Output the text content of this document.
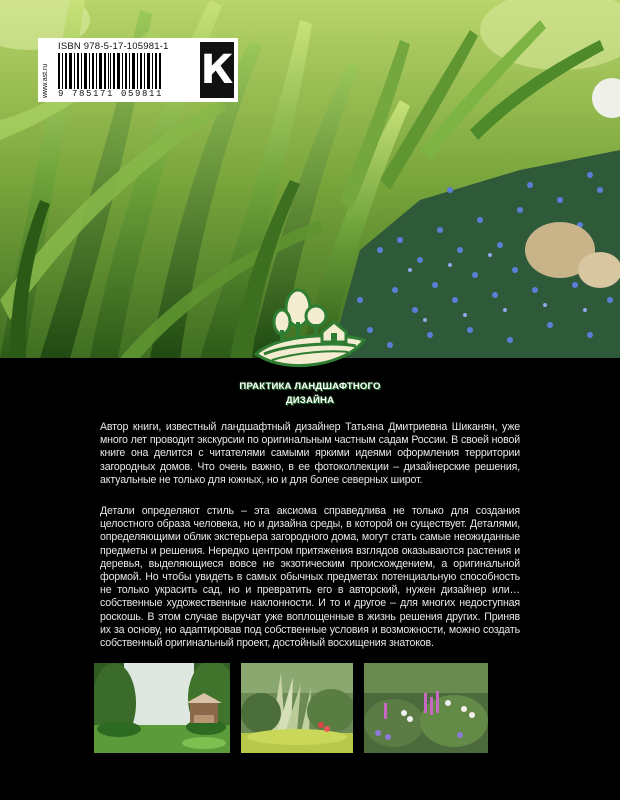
ISBN 978-5-17-105981-1
9 785171 059811
www.ast.ru	К
ПРАКТИКА ЛАНДШАФТНОГО
ДИЗАЙНА
Автор книги, известный ландшафтный дизайнер Татьяна Дмитриевна Шиканян, уже много лет проводит экскурсии по оригинальным частным садам России. В своей новой книге она делится с читателями самыми яркими идеями оформления территории загородных домов. Что очень важно, в ее фотоколлекции – дизайнерские решения, актуальные не только для южных, но и для более северных широт.
Детали определяют стиль – эта аксиома справедлива не только для создания целостного образа человека, но и дизайна среды, в которой он существует. Деталями, определяющими облик экстерьера загородного дома, могут стать самые неожиданные предметы и решения. Нередко центром притяжения взглядов оказываются растения и деревья, выделяющиеся вовсе не экзотическим происхождением, а оригинальной формой. Но чтобы увидеть в самых обычных предметах потенциальную способность не только украсить сад, но и превратить его в авторский, нужен дизайнер или… собственные художественные наклонности. И то и другое – для многих недоступная роскошь. В этом случае выручат уже воплощенные в жизнь решения других. Приняв их за основу, но адаптировав под собственные условия и возможности, можно создать собственный оригинальный проект, достойный восхищения знатоков.
